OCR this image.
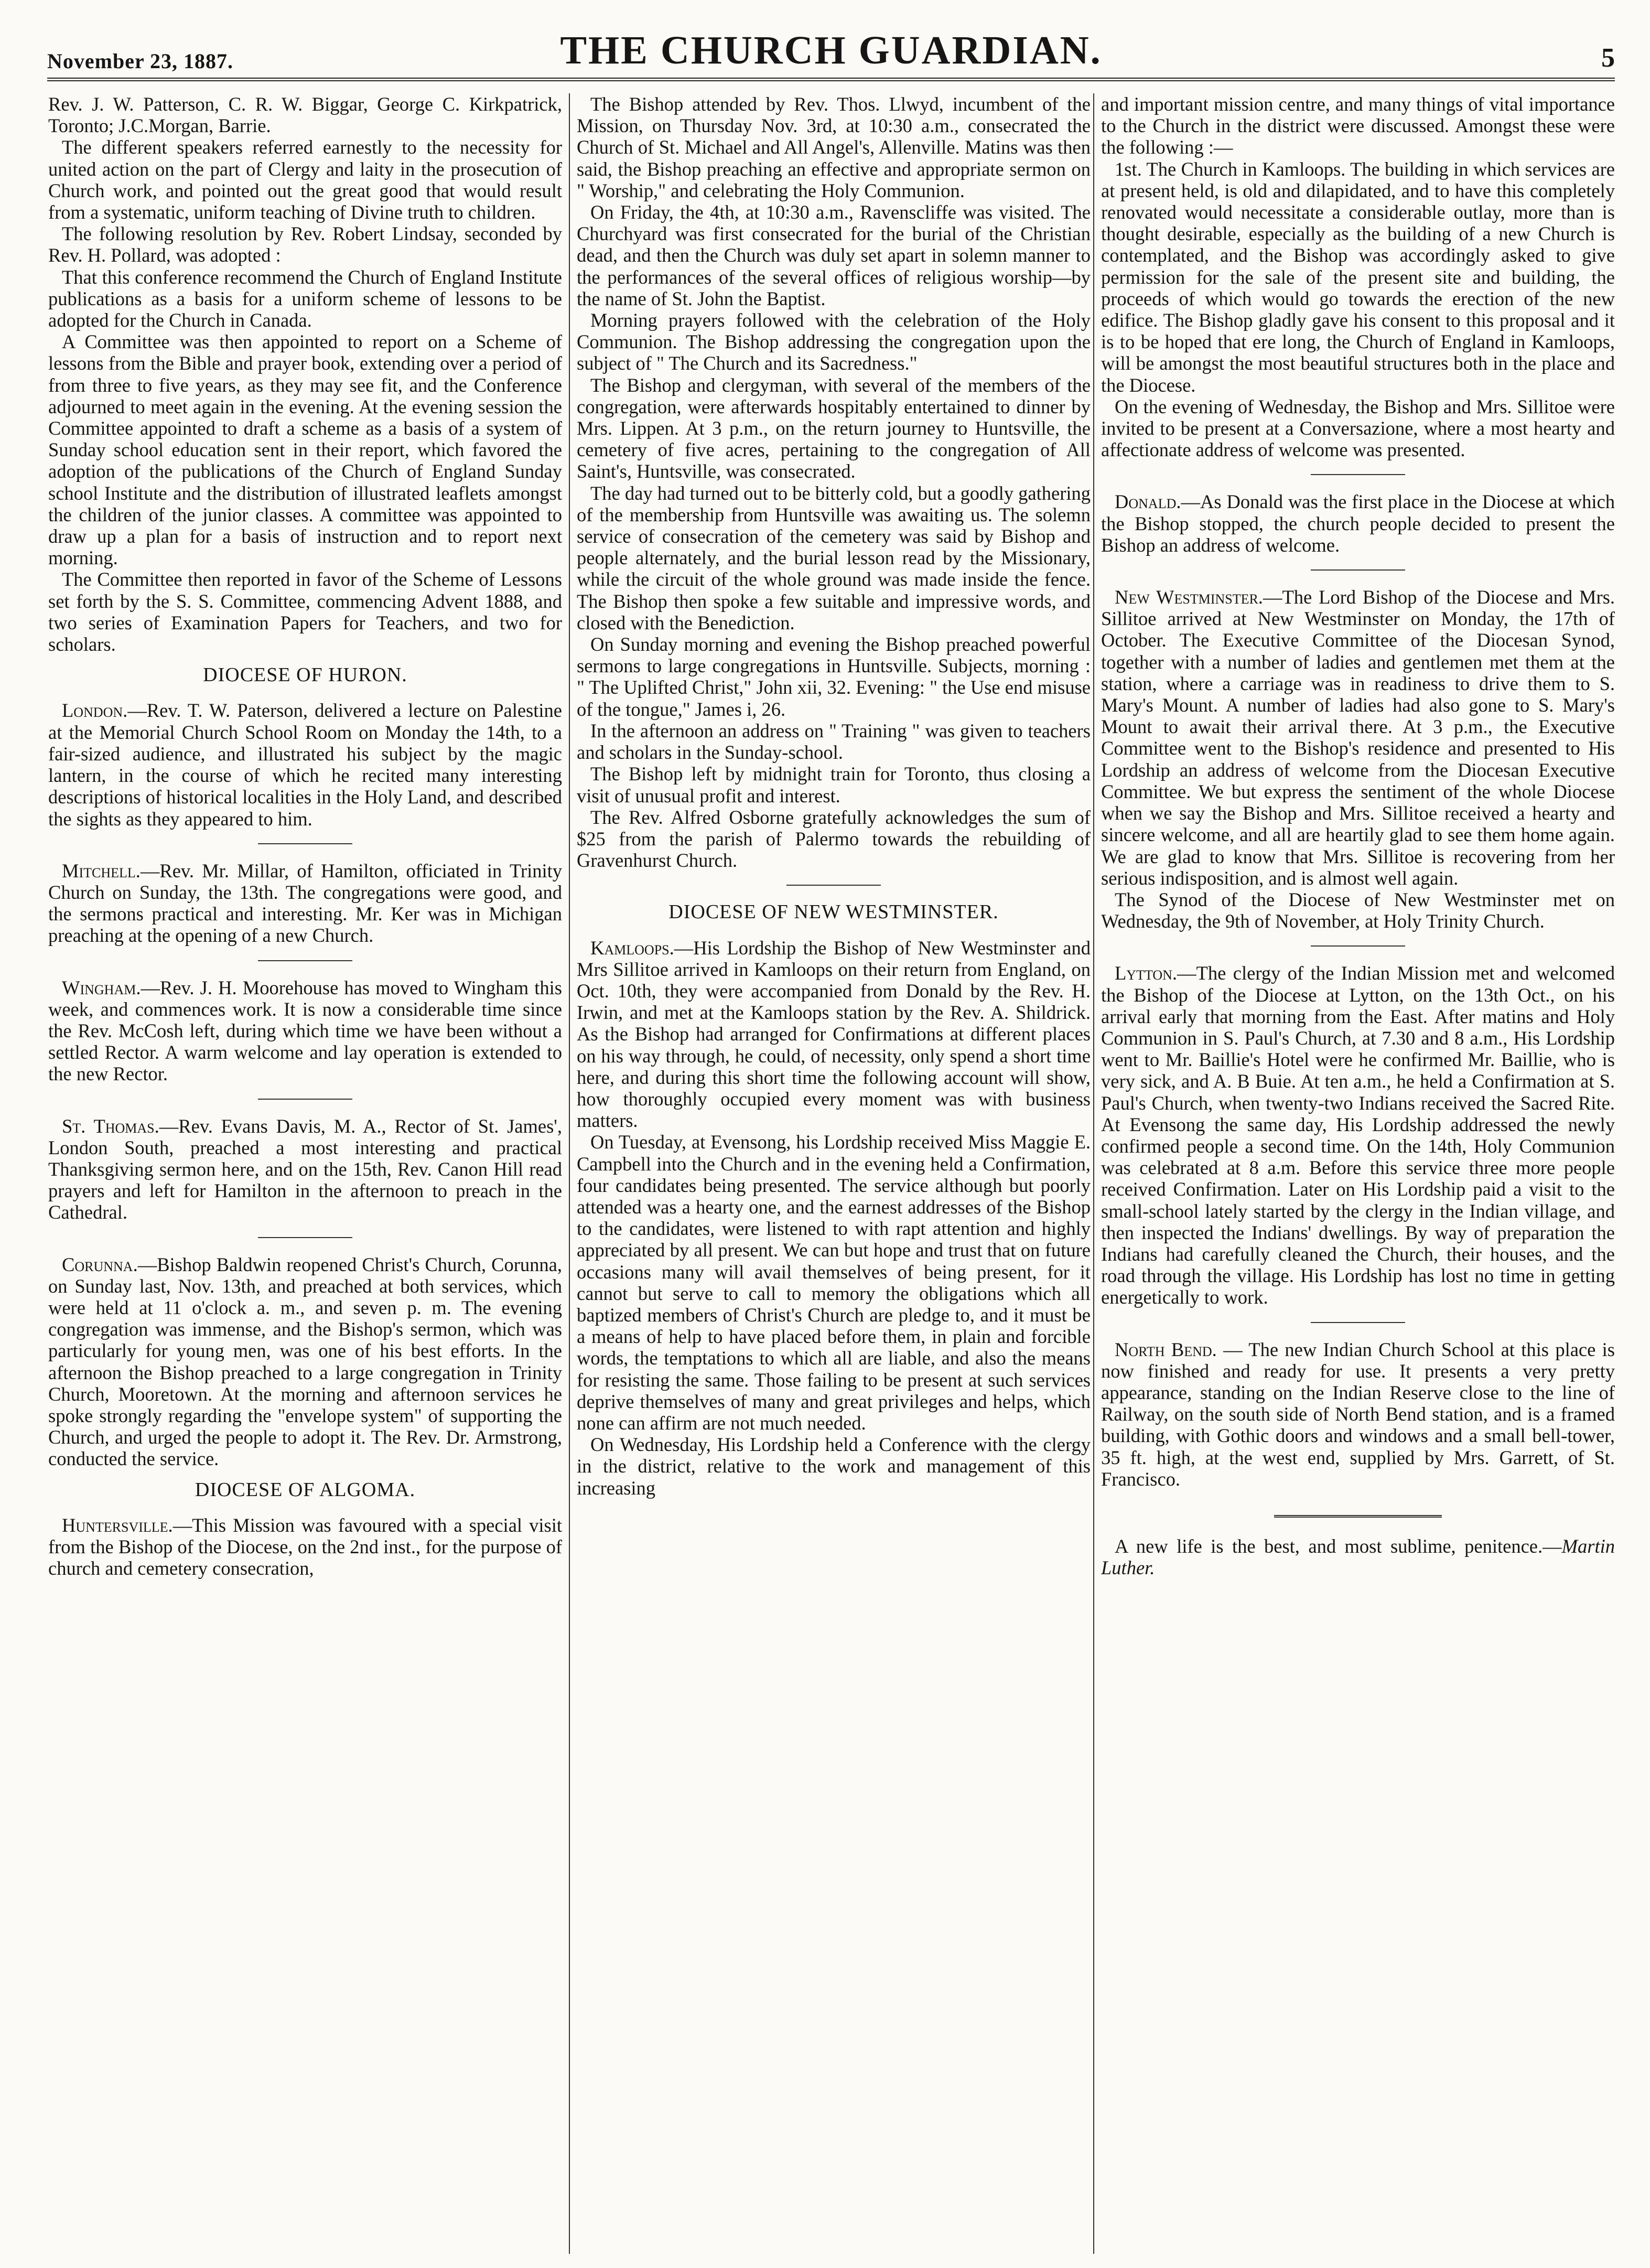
November 23, 1887.	THE CHURCH GUARDIAN.	5

Rev. J. W. Patterson, C. R. W. Biggar, George C. Kirkpatrick, Toronto; J.C.Morgan, Barrie.

The different speakers referred earnestly to the necessity for united action on the part of Clergy and laity in the prosecution of Church work, and pointed out the great good that would result from a systematic, uniform teaching of Divine truth to children.

The following resolution by Rev. Robert Lindsay, seconded by Rev. H. Pollard, was adopted :

That this conference recommend the Church of England Institute publications as a basis for a uniform scheme of lessons to be adopted for the Church in Canada.

A Committee was then appointed to report on a Scheme of lessons from the Bible and prayer book, extending over a period of from three to five years, as they may see fit, and the Conference adjourned to meet again in the evening. At the evening session the Committee appointed to draft a scheme as a basis of a system of Sunday school education sent in their report, which favored the adoption of the publications of the Church of England Sunday school Institute and the distribution of illustrated leaflets amongst the children of the junior classes. A committee was appointed to draw up a plan for a basis of instruction and to report next morning.

The Committee then reported in favor of the Scheme of Lessons set forth by the S. S. Committee, commencing Advent 1888, and two series of Examination Papers for Teachers, and two for scholars.

DIOCESE OF HURON.

London.—Rev. T. W. Paterson, delivered a lecture on Palestine at the Memorial Church School Room on Monday the 14th, to a fair-sized audience, and illustrated his subject by the magic lantern, in the course of which he recited many interesting descriptions of historical localities in the Holy Land, and described the sights as they appeared to him.

Mitchell.—Rev. Mr. Millar, of Hamilton, officiated in Trinity Church on Sunday, the 13th. The congregations were good, and the sermons practical and interesting. Mr. Ker was in Michigan preaching at the opening of a new Church.

Wingham.—Rev. J. H. Moorehouse has moved to Wingham this week, and commences work. It is now a considerable time since the Rev. McCosh left, during which time we have been without a settled Rector. A warm welcome and lay operation is extended to the new Rector.

St. Thomas.—Rev. Evans Davis, M. A., Rector of St. James', London South, preached a most interesting and practical Thanksgiving sermon here, and on the 15th, Rev. Canon Hill read prayers and left for Hamilton in the afternoon to preach in the Cathedral.

Corunna.—Bishop Baldwin reopened Christ's Church, Corunna, on Sunday last, Nov. 13th, and preached at both services, which were held at 11 o'clock a. m., and seven p. m. The evening congregation was immense, and the Bishop's sermon, which was particularly for young men, was one of his best efforts. In the afternoon the Bishop preached to a large congregation in Trinity Church, Mooretown. At the morning and afternoon services he spoke strongly regarding the "envelope system" of supporting the Church, and urged the people to adopt it. The Rev. Dr. Armstrong, conducted the service.

DIOCESE OF ALGOMA.

Huntersville.—This Mission was favoured with a special visit from the Bishop of the Diocese, on the 2nd inst., for the purpose of church and cemetery consecration,

The Bishop attended by Rev. Thos. Llwyd, incumbent of the Mission, on Thursday Nov. 3rd, at 10:30 a.m., consecrated the Church of St. Michael and All Angel's, Allenville. Matins was then said, the Bishop preaching an effective and appropriate sermon on " Worship," and celebrating the Holy Communion.

On Friday, the 4th, at 10:30 a.m., Ravenscliffe was visited. The Churchyard was first consecrated for the burial of the Christian dead, and then the Church was duly set apart in solemn manner to the performances of the several offices of religious worship—by the name of St. John the Baptist.

Morning prayers followed with the celebration of the Holy Communion. The Bishop addressing the congregation upon the subject of " The Church and its Sacredness."

The Bishop and clergyman, with several of the members of the congregation, were afterwards hospitably entertained to dinner by Mrs. Lippen. At 3 p.m., on the return journey to Huntsville, the cemetery of five acres, pertaining to the congregation of All Saint's, Huntsville, was consecrated.

The day had turned out to be bitterly cold, but a goodly gathering of the membership from Huntsville was awaiting us. The solemn service of consecration of the cemetery was said by Bishop and people alternately, and the burial lesson read by the Missionary, while the circuit of the whole ground was made inside the fence. The Bishop then spoke a few suitable and impressive words, and closed with the Benediction.

On Sunday morning and evening the Bishop preached powerful sermons to large congregations in Huntsville. Subjects, morning : " The Uplifted Christ," John xii, 32. Evening: " the Use end misuse of the tongue," James i, 26.

In the afternoon an address on " Training " was given to teachers and scholars in the Sunday-school.

The Bishop left by midnight train for Toronto, thus closing a visit of unusual profit and interest.

The Rev. Alfred Osborne gratefully acknowledges the sum of $25 from the parish of Palermo towards the rebuilding of Gravenhurst Church.

DIOCESE OF NEW WESTMINSTER.

Kamloops.—His Lordship the Bishop of New Westminster and Mrs Sillitoe arrived in Kamloops on their return from England, on Oct. 10th, they were accompanied from Donald by the Rev. H. Irwin, and met at the Kamloops station by the Rev. A. Shildrick. As the Bishop had arranged for Confirmations at different places on his way through, he could, of necessity, only spend a short time here, and during this short time the following account will show, how thoroughly occupied every moment was with business matters.

On Tuesday, at Evensong, his Lordship received Miss Maggie E. Campbell into the Church and in the evening held a Confirmation, four candidates being presented. The service although but poorly attended was a hearty one, and the earnest addresses of the Bishop to the candidates, were listened to with rapt attention and highly appreciated by all present. We can but hope and trust that on future occasions many will avail themselves of being present, for it cannot but serve to call to memory the obligations which all baptized members of Christ's Church are pledge to, and it must be a means of help to have placed before them, in plain and forcible words, the temptations to which all are liable, and also the means for resisting the same. Those failing to be present at such services deprive themselves of many and great privileges and helps, which none can affirm are not much needed.

On Wednesday, His Lordship held a Conference with the clergy in the district, relative to the work and management of this increasing

and important mission centre, and many things of vital importance to the Church in the district were discussed. Amongst these were the following :—

1st. The Church in Kamloops. The building in which services are at present held, is old and dilapidated, and to have this completely renovated would necessitate a considerable outlay, more than is thought desirable, especially as the building of a new Church is contemplated, and the Bishop was accordingly asked to give permission for the sale of the present site and building, the proceeds of which would go towards the erection of the new edifice. The Bishop gladly gave his consent to this proposal and it is to be hoped that ere long, the Church of England in Kamloops, will be amongst the most beautiful structures both in the place and the Diocese.

On the evening of Wednesday, the Bishop and Mrs. Sillitoe were invited to be present at a Conversazione, where a most hearty and affectionate address of welcome was presented.

Donald.—As Donald was the first place in the Diocese at which the Bishop stopped, the church people decided to present the Bishop an address of welcome.

New Westminster.—The Lord Bishop of the Diocese and Mrs. Sillitoe arrived at New Westminster on Monday, the 17th of October. The Executive Committee of the Diocesan Synod, together with a number of ladies and gentlemen met them at the station, where a carriage was in readiness to drive them to S. Mary's Mount. A number of ladies had also gone to S. Mary's Mount to await their arrival there. At 3 p.m., the Executive Committee went to the Bishop's residence and presented to His Lordship an address of welcome from the Diocesan Executive Committee. We but express the sentiment of the whole Diocese when we say the Bishop and Mrs. Sillitoe received a hearty and sincere welcome, and all are heartily glad to see them home again. We are glad to know that Mrs. Sillitoe is recovering from her serious indisposition, and is almost well again.

The Synod of the Diocese of New Westminster met on Wednesday, the 9th of November, at Holy Trinity Church.

Lytton.—The clergy of the Indian Mission met and welcomed the Bishop of the Diocese at Lytton, on the 13th Oct., on his arrival early that morning from the East. After matins and Holy Communion in S. Paul's Church, at 7.30 and 8 a.m., His Lordship went to Mr. Baillie's Hotel were he confirmed Mr. Baillie, who is very sick, and A. B Buie. At ten a.m., he held a Confirmation at S. Paul's Church, when twenty-two Indians received the Sacred Rite. At Evensong the same day, His Lordship addressed the newly confirmed people a second time. On the 14th, Holy Communion was celebrated at 8 a.m. Before this service three more people received Confirmation. Later on His Lordship paid a visit to the small-school lately started by the clergy in the Indian village, and then inspected the Indians' dwellings. By way of preparation the Indians had carefully cleaned the Church, their houses, and the road through the village. His Lordship has lost no time in getting energetically to work.

North Bend. — The new Indian Church School at this place is now finished and ready for use. It presents a very pretty appearance, standing on the Indian Reserve close to the line of Railway, on the south side of North Bend station, and is a framed building, with Gothic doors and windows and a small bell-tower, 35 ft. high, at the west end, supplied by Mrs. Garrett, of St. Francisco.

A new life is the best, and most sublime, penitence.—Martin Luther.
